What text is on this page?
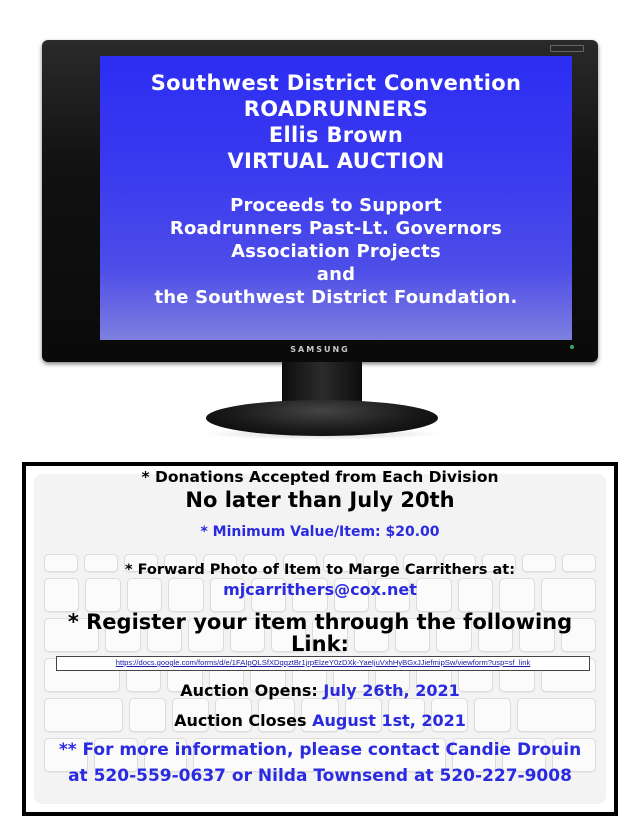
Southwest District Convention
ROADRUNNERS
Ellis Brown
VIRTUAL AUCTION
Proceeds to Support
Roadrunners Past-Lt. Governors
Association Projects
and
the Southwest District Foundation.
SAMSUNG
* Donations Accepted from Each Division
No later than July 20th
* Minimum Value/Item: $20.00
* Forward Photo of Item to Marge Carrithers at:
mjcarrithers@cox.net
* Register your item through the following
Link:
https://docs.google.com/forms/d/e/1FAIpQLSfXDqqztBr1jrpElzeY0zDXk-YaeIjuVxhHyBGxJJiefmipSw/viewform?usp=sf_link
Auction Opens: July 26th, 2021
Auction Closes August 1st, 2021
** For more information, please contact Candie Drouin
at 520-559-0637 or Nilda Townsend at 520-227-9008
